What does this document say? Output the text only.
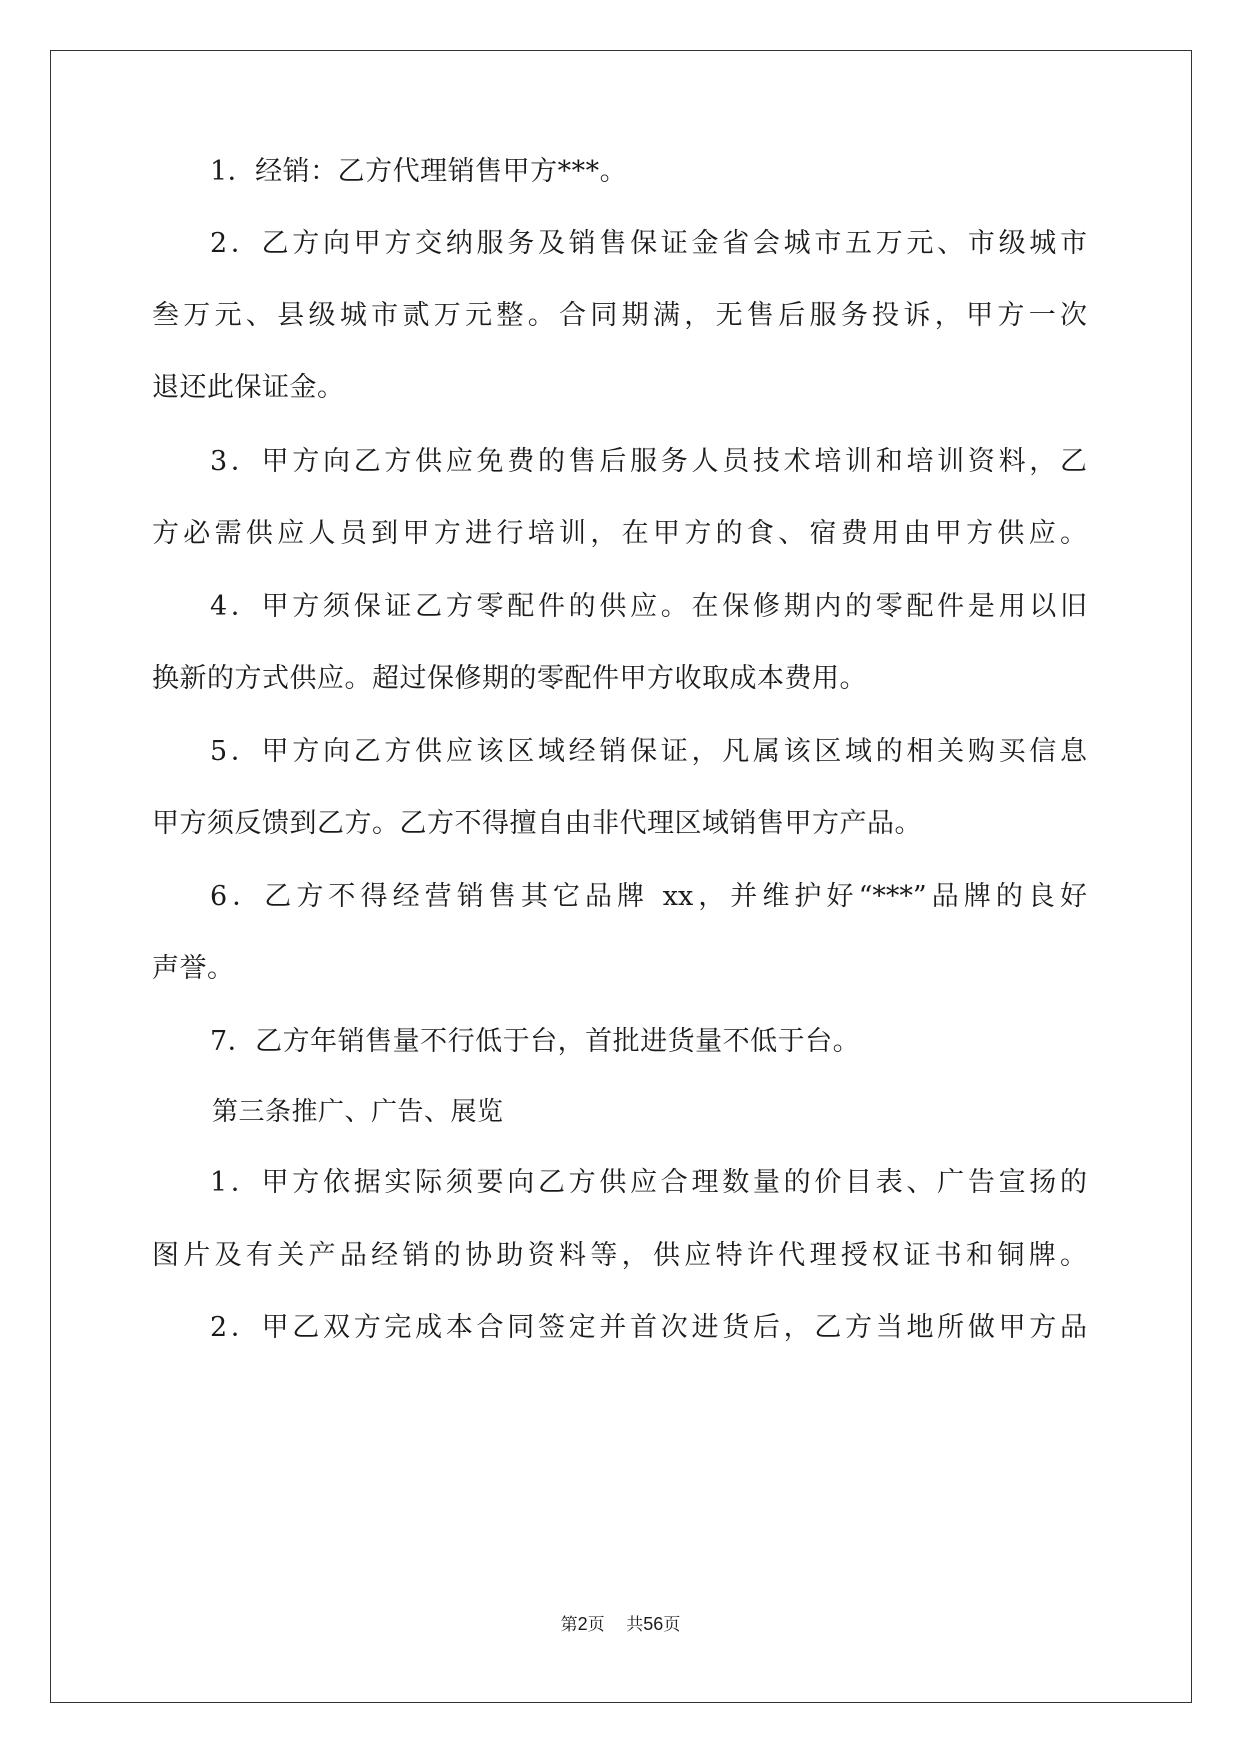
1．经销：乙方代理销售甲方***。
2．乙方向甲方交纳服务及销售保证金省会城市五万元、市级城市
叁万元、县级城市贰万元整。合同期满，无售后服务投诉，甲方一次
退还此保证金。
3．甲方向乙方供应免费的售后服务人员技术培训和培训资料，乙
方必需供应人员到甲方进行培训，在甲方的食、宿费用由甲方供应。
4．甲方须保证乙方零配件的供应。在保修期内的零配件是用以旧
换新的方式供应。超过保修期的零配件甲方收取成本费用。
5．甲方向乙方供应该区域经销保证，凡属该区域的相关购买信息
甲方须反馈到乙方。乙方不得擅自由非代理区域销售甲方产品。
6．乙方不得经营销售其它品牌 xx，并维护好“***”品牌的良好
声誉。
7．乙方年销售量不行低于台，首批进货量不低于台。
第三条推广、广告、展览
1．甲方依据实际须要向乙方供应合理数量的价目表、广告宣扬的
图片及有关产品经销的协助资料等，供应特许代理授权证书和铜牌。
2．甲乙双方完成本合同签定并首次进货后，乙方当地所做甲方品
第2页 共56页
